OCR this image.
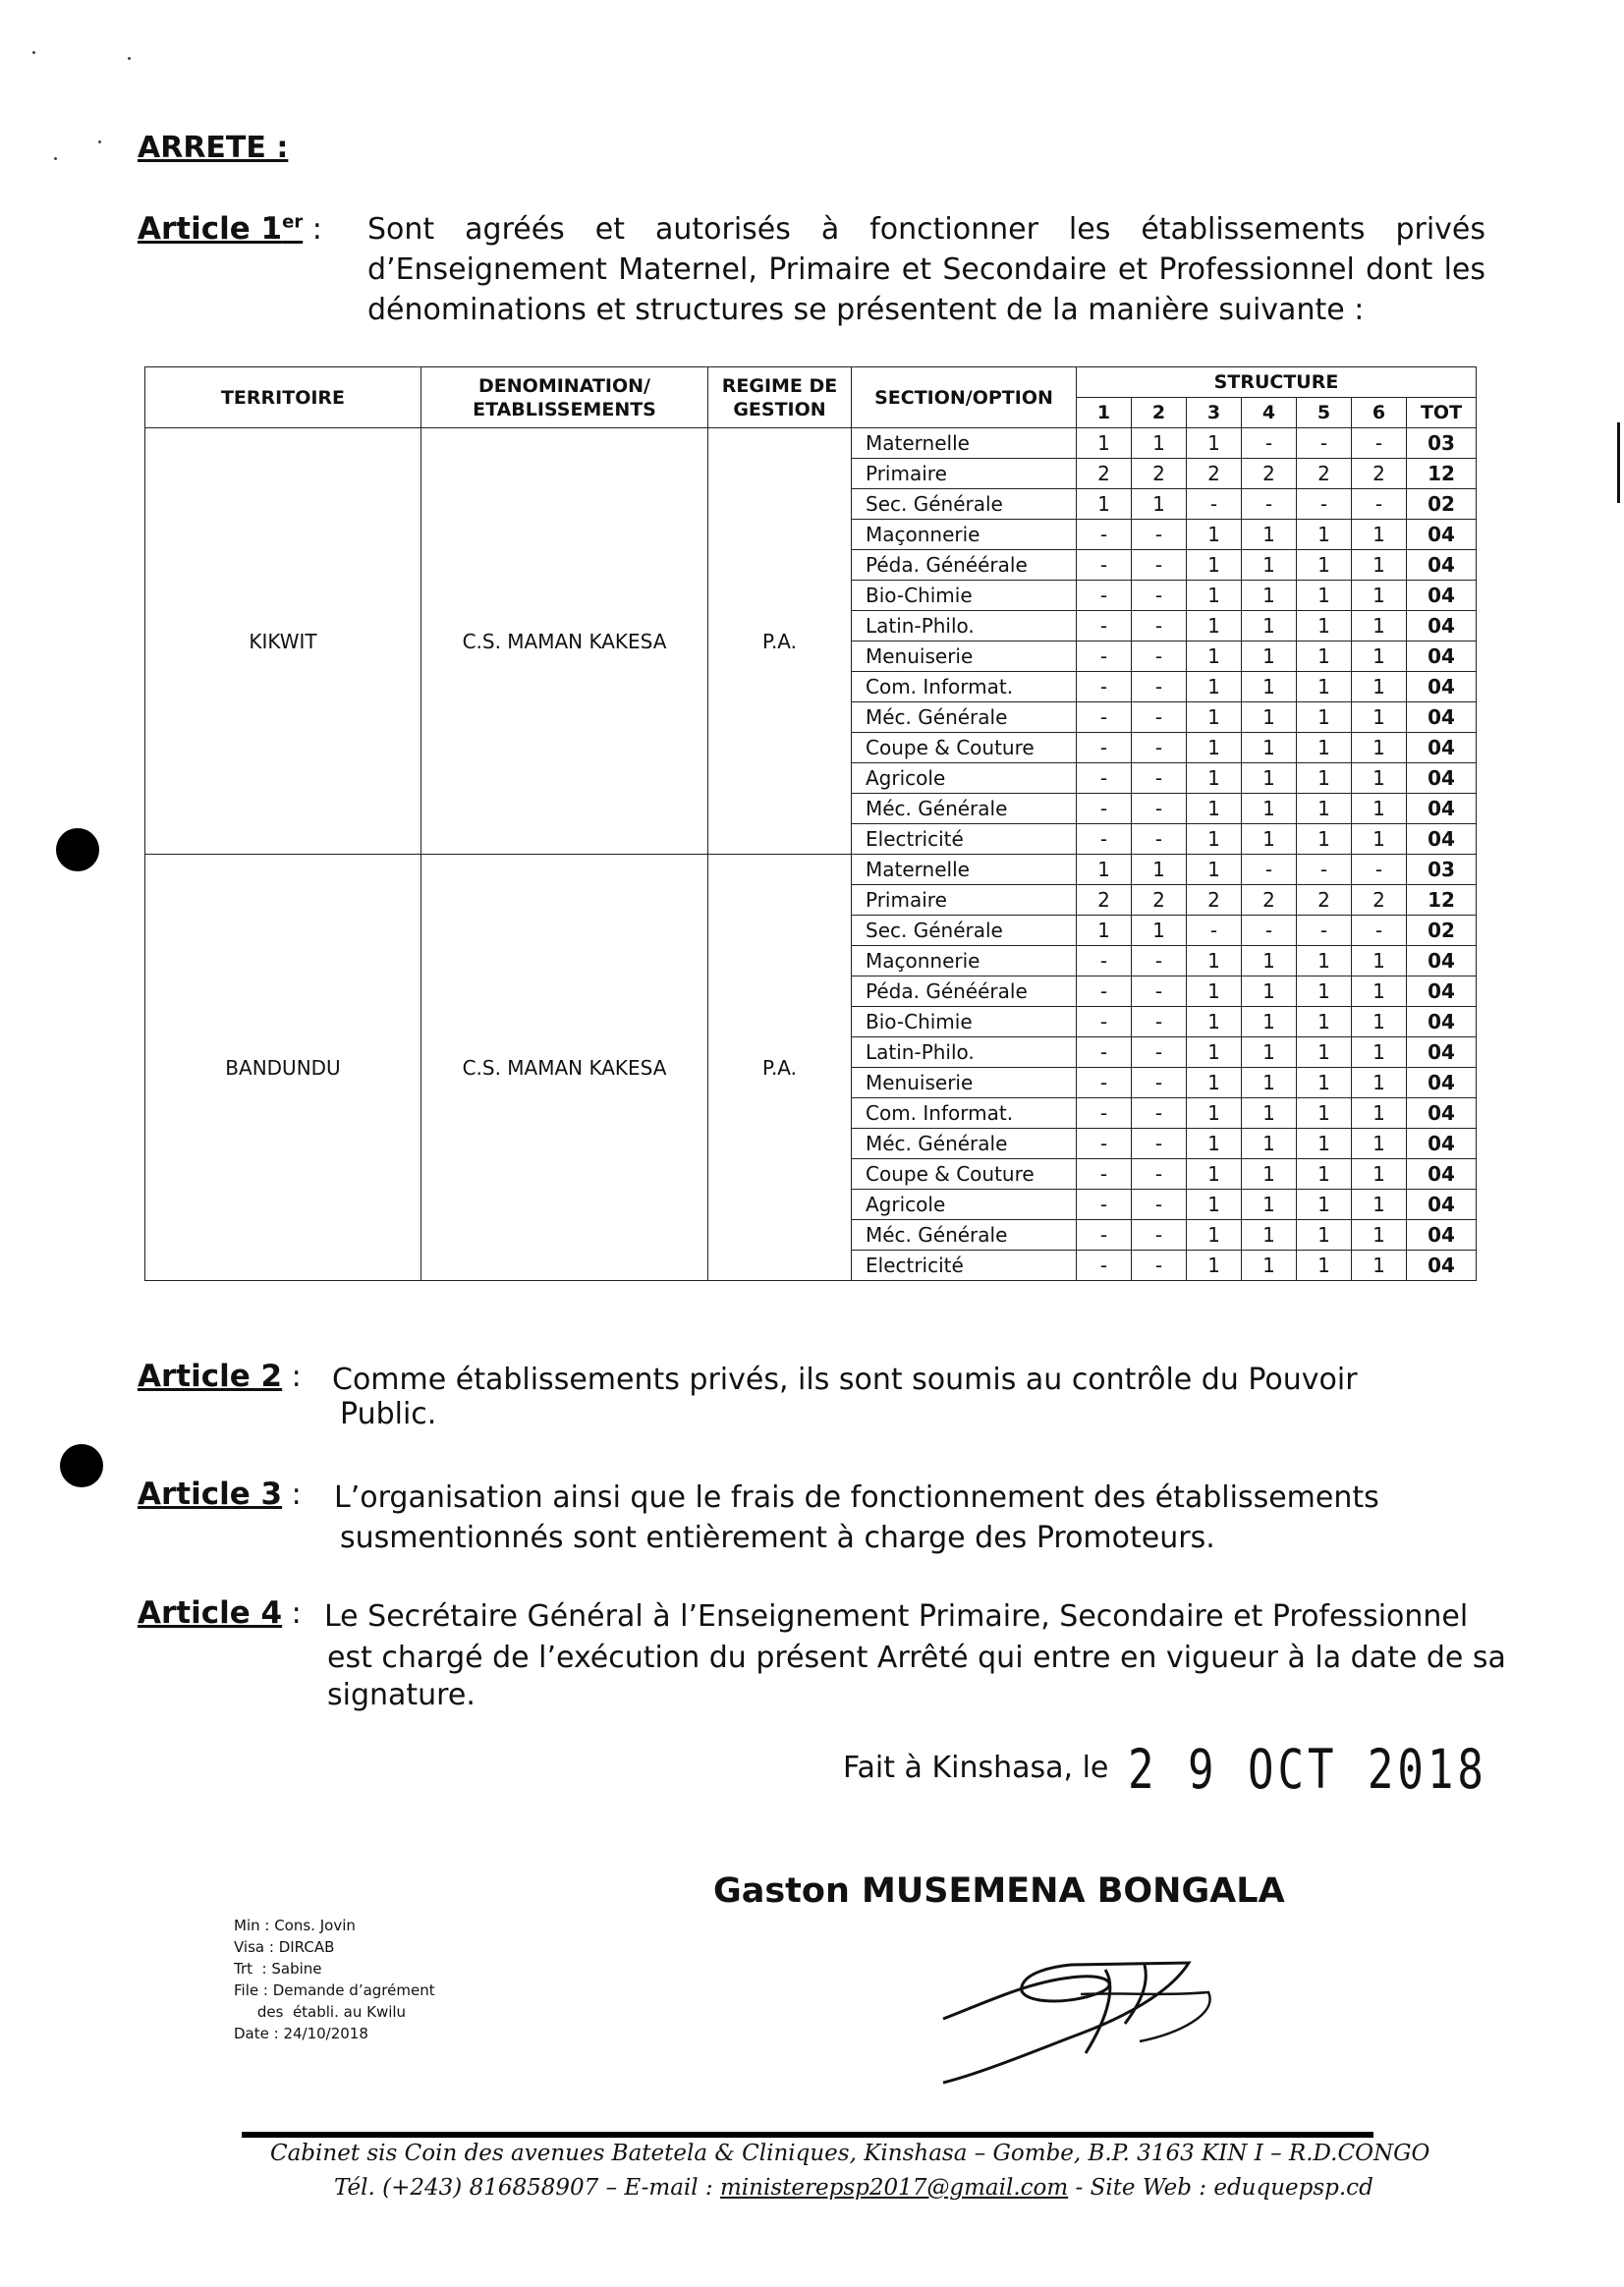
ARRETE :
Article 1er : Sont agréés et autorisés à fonctionner les établissements privés d’Enseignement Maternel, Primaire et Secondaire et Professionnel dont les dénominations et structures se présentent de la manière suivante :
TERRITOIRE	DENOMINATION/ ETABLISSEMENTS	REGIME DE GESTION	SECTION/OPTION	STRUCTURE						
				1	2	3	4	5	6	TOT
KIKWIT	C.S. MAMAN KAKESA	P.A.	Maternelle	1	1	1	-	-	-	03
			Primaire	2	2	2	2	2	2	12
			Sec. Générale	1	1	-	-	-	-	02
			Maçonnerie	-	-	1	1	1	1	04
			Péda. Généérale	-	-	1	1	1	1	04
			Bio-Chimie	-	-	1	1	1	1	04
			Latin-Philo.	-	-	1	1	1	1	04
			Menuiserie	-	-	1	1	1	1	04
			Com. Informat.	-	-	1	1	1	1	04
			Méc. Générale	-	-	1	1	1	1	04
			Coupe & Couture	-	-	1	1	1	1	04
			Agricole	-	-	1	1	1	1	04
			Méc. Générale	-	-	1	1	1	1	04
			Electricité	-	-	1	1	1	1	04
BANDUNDU	C.S. MAMAN KAKESA	P.A.	Maternelle	1	1	1	-	-	-	03
			Primaire	2	2	2	2	2	2	12
			Sec. Générale	1	1	-	-	-	-	02
			Maçonnerie	-	-	1	1	1	1	04
			Péda. Généérale	-	-	1	1	1	1	04
			Bio-Chimie	-	-	1	1	1	1	04
			Latin-Philo.	-	-	1	1	1	1	04
			Menuiserie	-	-	1	1	1	1	04
			Com. Informat.	-	-	1	1	1	1	04
			Méc. Générale	-	-	1	1	1	1	04
			Coupe & Couture	-	-	1	1	1	1	04
			Agricole	-	-	1	1	1	1	04
			Méc. Générale	-	-	1	1	1	1	04
			Electricité	-	-	1	1	1	1	04
Article 2 : Comme établissements privés, ils sont soumis au contrôle du Pouvoir
Public.
Article 3 : L’organisation ainsi que le frais de fonctionnement des établissements
susmentionnés sont entièrement à charge des Promoteurs.
Article 4 : Le Secrétaire Général à l’Enseignement Primaire, Secondaire et Professionnel
est chargé de l’exécution du présent Arrêté qui entre en vigueur à la date de sa
signature.
Fait à Kinshasa, le 2 9 OCT 2018
Gaston MUSEMENA BONGALA
Min : Cons. Jovin
Visa : DIRCAB
Trt  : Sabine
File : Demande d’agrément
des  établi. au Kwilu
Date : 24/10/2018
Cabinet sis Coin des avenues Batetela & Cliniques, Kinshasa – Gombe, B.P. 3163 KIN I – R.D.CONGO
Tél. (+243) 816858907 – E-mail : ministerepsp2017@gmail.com - Site Web : eduquepsp.cd
